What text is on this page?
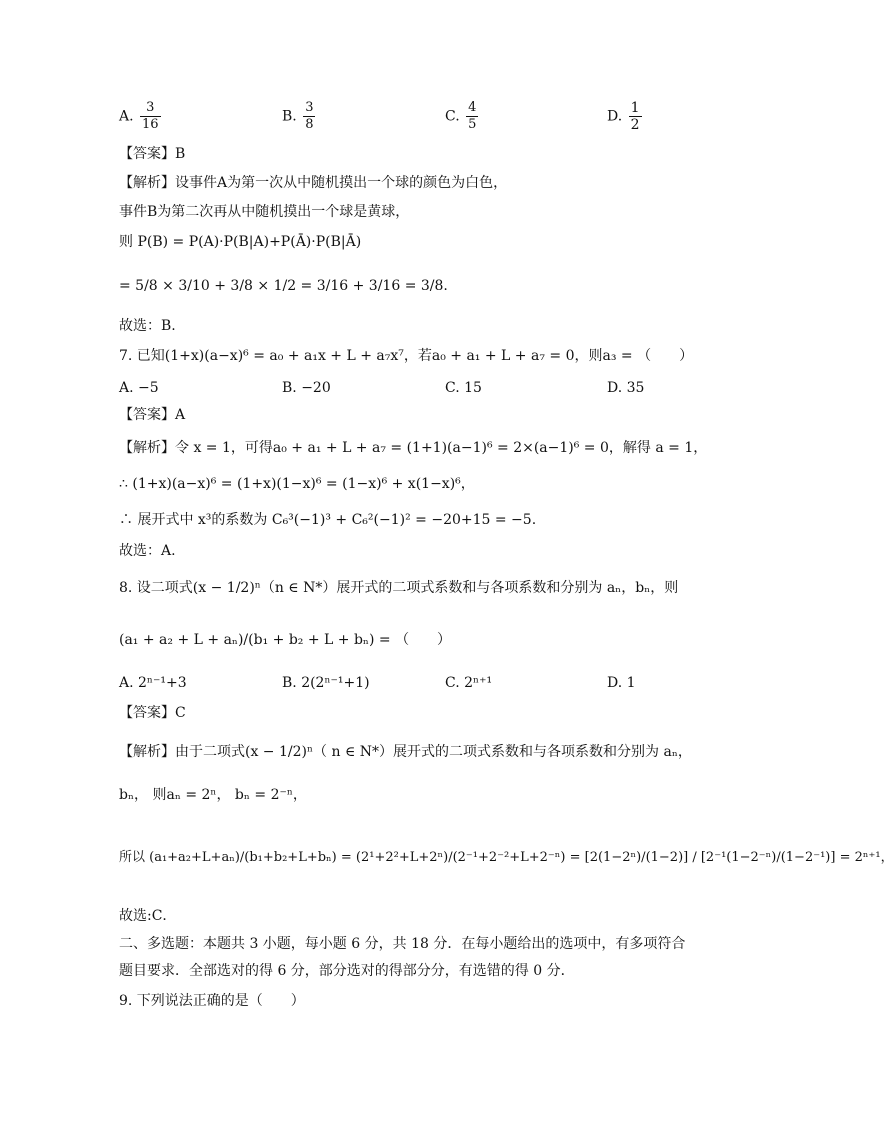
A. $\frac{3}{16}$	B. $\frac{3}{8}$	C. $\frac{4}{5}$	D. $\frac{1}{2}$
【答案】B
【解析】设事件A为第一次从中随机摸出一个球的颜色为白色，
事件B为第二次再从中随机摸出一个球是黄球，
则 P(B) = P(A)·P(B|A)+P(Ā)·P(B|Ā)
= 5/8 × 3/10 + 3/8 × 1/2 = 3/16 + 3/16 = 3/8.
故选：B.
7. 已知(1+x)(a−x)⁶ = a₀ + a₁x + L + a₇x⁷，若a₀ + a₁ + L + a₇ = 0，则a₃ = （　　）
A. −5	B. −20	C. 15	D. 35
【答案】A
【解析】令 x = 1，可得a₀ + a₁ + L + a₇ = (1+1)(a−1)⁶ = 2×(a−1)⁶ = 0，解得 a = 1，
∴ (1+x)(a−x)⁶ = (1+x)(1−x)⁶ = (1−x)⁶ + x(1−x)⁶，
∴ 展开式中 x³的系数为 C₆³(−1)³ + C₆²(−1)² = −20+15 = −5.
故选：A.
8. 设二项式(x − 1/2)ⁿ（n ∈ N*）展开式的二项式系数和与各项系数和分别为 aₙ，bₙ，则
(a₁ + a₂ + L + aₙ)/(b₁ + b₂ + L + bₙ) = （　　）
A. 2ⁿ⁻¹+3	B. 2(2ⁿ⁻¹+1)	C. 2ⁿ⁺¹	D. 1
【答案】C
【解析】由于二项式(x − 1/2)ⁿ（ n ∈ N*）展开式的二项式系数和与各项系数和分别为 aₙ，
bₙ， 则aₙ = 2ⁿ， bₙ = 2⁻ⁿ，
所以 (a₁+a₂+L+aₙ)/(b₁+b₂+L+bₙ) = (2¹+2²+L+2ⁿ)/(2⁻¹+2⁻²+L+2⁻ⁿ) = [2(1−2ⁿ)/(1−2)] / [2⁻¹(1−2⁻ⁿ)/(1−2⁻¹)] = 2ⁿ⁺¹，
故选:C．
二、多选题：本题共 3 小题，每小题 6 分，共 18 分．在每小题给出的选项中，有多项符合
题目要求．全部选对的得 6 分，部分选对的得部分分，有选错的得 0 分．
9. 下列说法正确的是（　　）
